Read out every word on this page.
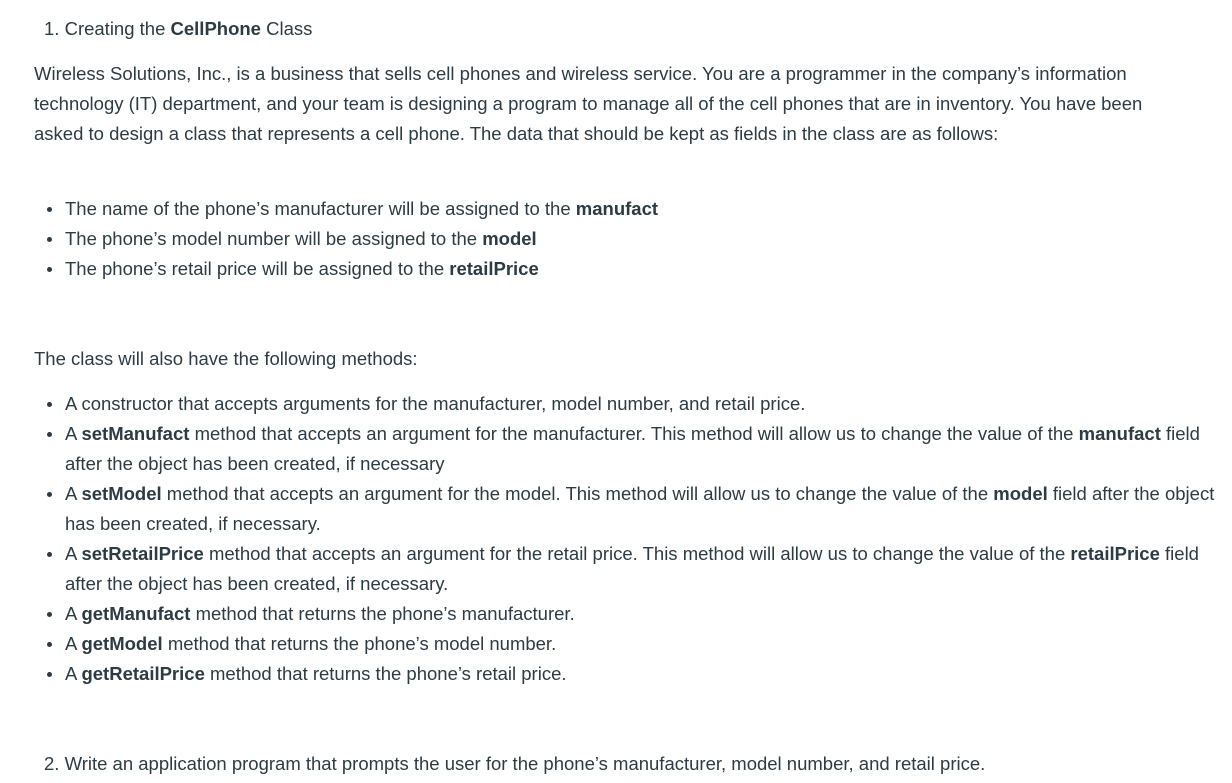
1. Creating the CellPhone Class

Wireless Solutions, Inc., is a business that sells cell phones and wireless service. You are a programmer in the company’s information technology (IT) department, and your team is designing a program to manage all of the cell phones that are in inventory. You have been asked to design a class that represents a cell phone. The data that should be kept as fields in the class are as follows:

The name of the phone’s manufacturer will be assigned to the manufact
The phone’s model number will be assigned to the model
The phone’s retail price will be assigned to the retailPrice

The class will also have the following methods:

A constructor that accepts arguments for the manufacturer, model number, and retail price.
A setManufact method that accepts an argument for the manufacturer. This method will allow us to change the value of the manufact field after the object has been created, if necessary
A setModel method that accepts an argument for the model. This method will allow us to change the value of the model field after the object has been created, if necessary.
A setRetailPrice method that accepts an argument for the retail price. This method will allow us to change the value of the retailPrice field after the object has been created, if necessary.
A getManufact method that returns the phone’s manufacturer.
A getModel method that returns the phone’s model number.
A getRetailPrice method that returns the phone’s retail price.
2. Write an application program that prompts the user for the phone’s manufacturer, model number, and retail price.
